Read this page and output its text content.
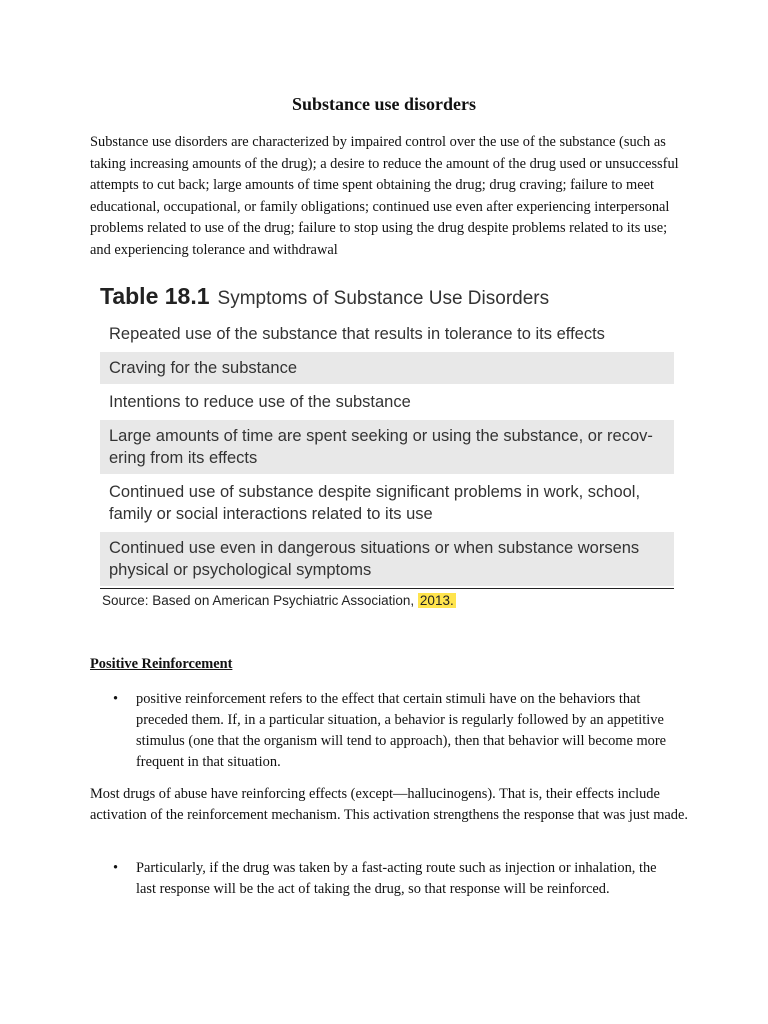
Substance use disorders

Substance use disorders are characterized by impaired control over the use of the substance (such as taking increasing amounts of the drug); a desire to reduce the amount of the drug used or unsuccessful attempts to cut back; large amounts of time spent obtaining the drug; drug craving; failure to meet educational, occupational, or family obligations; continued use even after experiencing interpersonal problems related to use of the drug; failure to stop using the drug despite problems related to its use; and experiencing tolerance and withdrawal

Table 18.1 Symptoms of Substance Use Disorders
Repeated use of the substance that results in tolerance to its effects
Craving for the substance
Intentions to reduce use of the substance
Large amounts of time are spent seeking or using the substance, or recov-ering from its effects
Continued use of substance despite significant problems in work, school, family or social interactions related to its use
Continued use even in dangerous situations or when substance worsens physical or psychological symptoms
Source: Based on American Psychiatric Association, 2013.
Positive Reinforcement
• positive reinforcement refers to the effect that certain stimuli have on the behaviors that preceded them. If, in a particular situation, a behavior is regularly followed by an appetitive stimulus (one that the organism will tend to approach), then that behavior will become more frequent in that situation.

Most drugs of abuse have reinforcing effects (except—hallucinogens). That is, their effects include activation of the reinforcement mechanism. This activation strengthens the response that was just made.

• Particularly, if the drug was taken by a fast-acting route such as injection or inhalation, the last response will be the act of taking the drug, so that response will be reinforced.
